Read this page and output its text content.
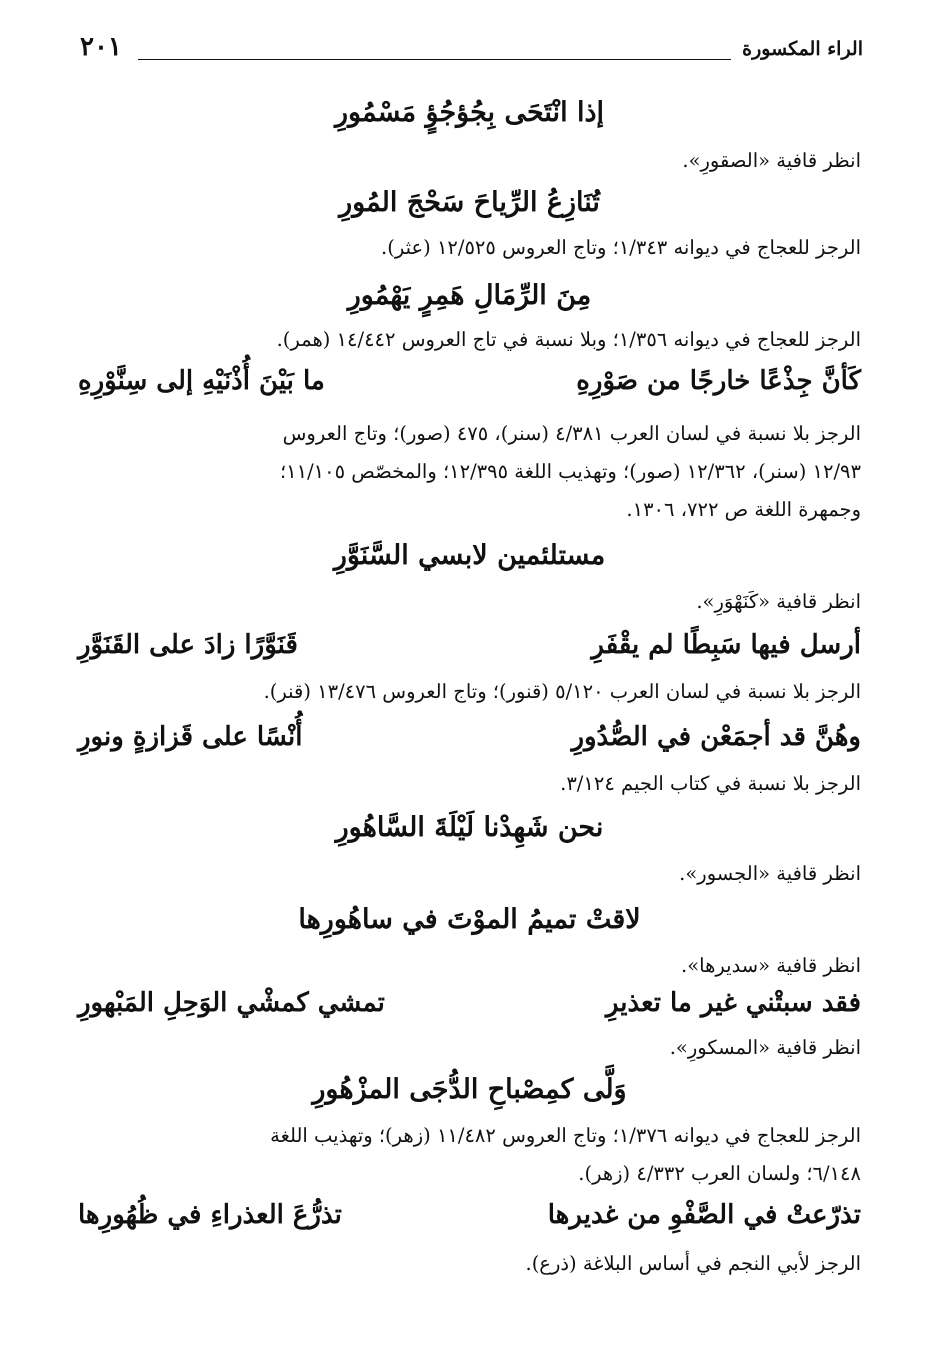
الراء المكسورة
٢٠١
إذا انْتَحَى بِجُؤجُؤٍ مَسْمُورِ
انظر قافية «الصقورِ».
تُنَازِعُ الرِّياحَ سَحْجَ المُورِ
الرجز للعجاج في ديوانه ١/٣٤٣؛ وتاج العروس ١٢/٥٢٥ (عثر).
مِنَ الرِّمَالِ هَمِرٍ يَهْمُورِ
الرجز للعجاج في ديوانه ١/٣٥٦؛ وبلا نسبة في تاج العروس ١٤/٤٤٢ (همر).
كَأنَّ جِذْعًا خارجًا من صَوْرِهِ
ما بَيْنَ أُذْنَيْهِ إلى سِنَّوْرِهِ
الرجز بلا نسبة في لسان العرب ٤/٣٨١ (سنر)، ٤٧٥ (صور)؛ وتاج العروس
١٢/٩٣ (سنر)، ١٢/٣٦٢ (صور)؛ وتهذيب اللغة ١٢/٣٩٥؛ والمخصّص ١١/١٠٥؛
وجمهرة اللغة ص ٧٢٢، ١٣٠٦.
مستلئمين لابسي السَّنَوَّرِ
انظر قافية «كَنَهْوَرِ».
أرسل فيها سَبِطًا لم يقْفَرِ
قَنَوَّرًا زادَ على القَنَوَّرِ
الرجز بلا نسبة في لسان العرب ٥/١٢٠ (قنور)؛ وتاج العروس ١٣/٤٧٦ (قنر).
وهُنَّ قد أجمَعْن في الصُّدُورِ
أُنْسًا على قَزازةٍ ونورِ
الرجز بلا نسبة في كتاب الجيم ٣/١٢٤.
نحن شَهِدْنا لَيْلَةَ السَّاهُورِ
انظر قافية «الجسور».
لاقتْ تميمُ الموْتَ في ساهُورِها
انظر قافية «سديرها».
فقد سبتْني غير ما تعذيرِ
تمشي كمشْي الوَحِلِ المَبْهورِ
انظر قافية «المسكورِ».
وَلَّى كمِصْباحِ الدُّجَى المزْهُورِ
الرجز للعجاج في ديوانه ١/٣٧٦؛ وتاج العروس ١١/٤٨٢ (زهر)؛ وتهذيب اللغة
٦/١٤٨؛ ولسان العرب ٤/٣٣٢ (زهر).
تذرّعتْ في الصَّفْوِ من غديرها
تذرُّعَ العذراءِ في ظُهُورِها
الرجز لأبي النجم في أساس البلاغة (ذرع).
